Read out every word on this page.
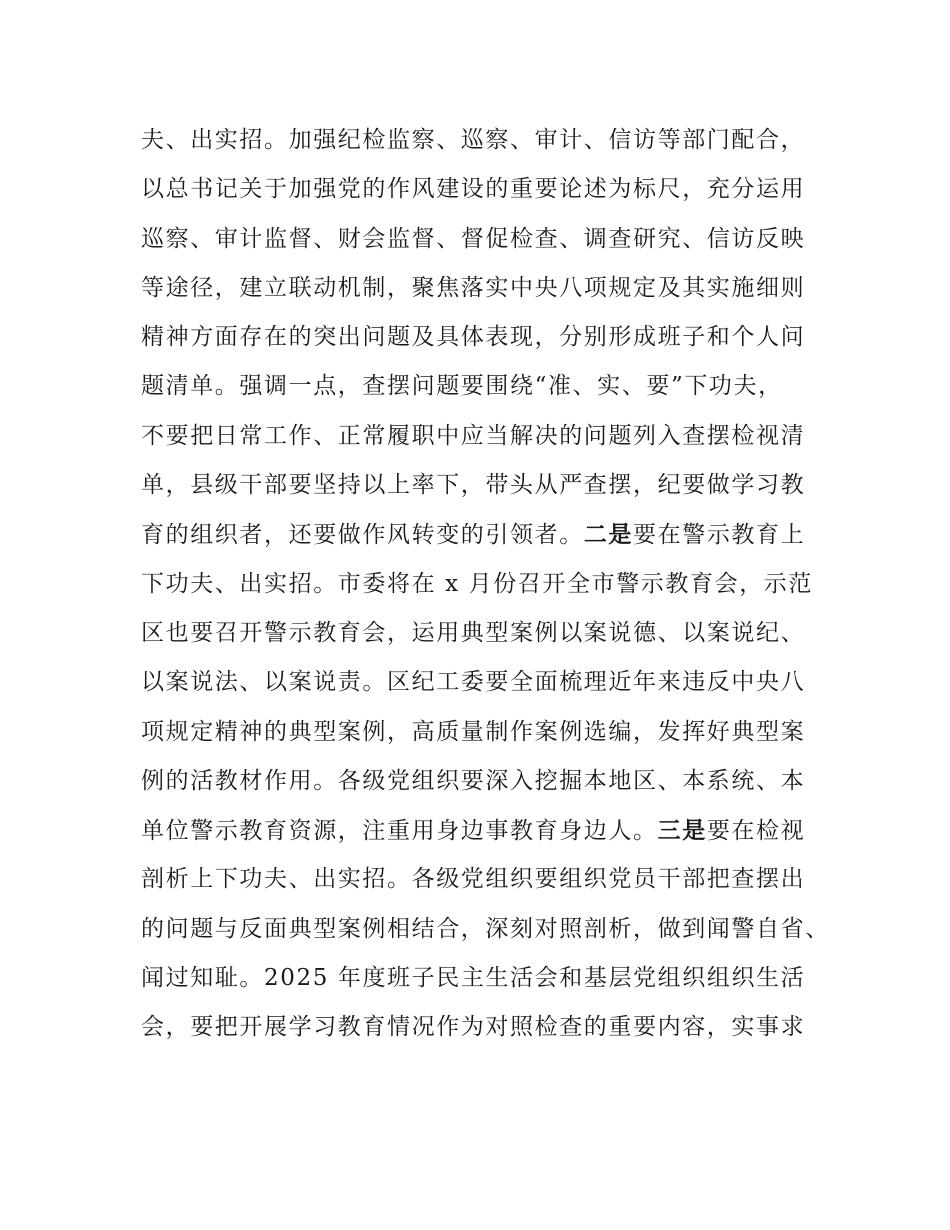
夫、出实招。加强纪检监察、巡察、审计、信访等部门配合，
以总书记关于加强党的作风建设的重要论述为标尺，充分运用
巡察、审计监督、财会监督、督促检查、调查研究、信访反映
等途径，建立联动机制，聚焦落实中央八项规定及其实施细则
精神方面存在的突出问题及具体表现，分别形成班子和个人问
题清单。强调一点，查摆问题要围绕“准、实、要”下功夫，
不要把日常工作、正常履职中应当解决的问题列入查摆检视清
单，县级干部要坚持以上率下，带头从严查摆，纪要做学习教
育的组织者，还要做作风转变的引领者。二是要在警示教育上
下功夫、出实招。市委将在 x 月份召开全市警示教育会，示范
区也要召开警示教育会，运用典型案例以案说德、以案说纪、
以案说法、以案说责。区纪工委要全面梳理近年来违反中央八
项规定精神的典型案例，高质量制作案例选编，发挥好典型案
例的活教材作用。各级党组织要深入挖掘本地区、本系统、本
单位警示教育资源，注重用身边事教育身边人。三是要在检视
剖析上下功夫、出实招。各级党组织要组织党员干部把查摆出
的问题与反面典型案例相结合，深刻对照剖析，做到闻警自省、
闻过知耻。2025 年度班子民主生活会和基层党组织组织生活
会，要把开展学习教育情况作为对照检查的重要内容，实事求
